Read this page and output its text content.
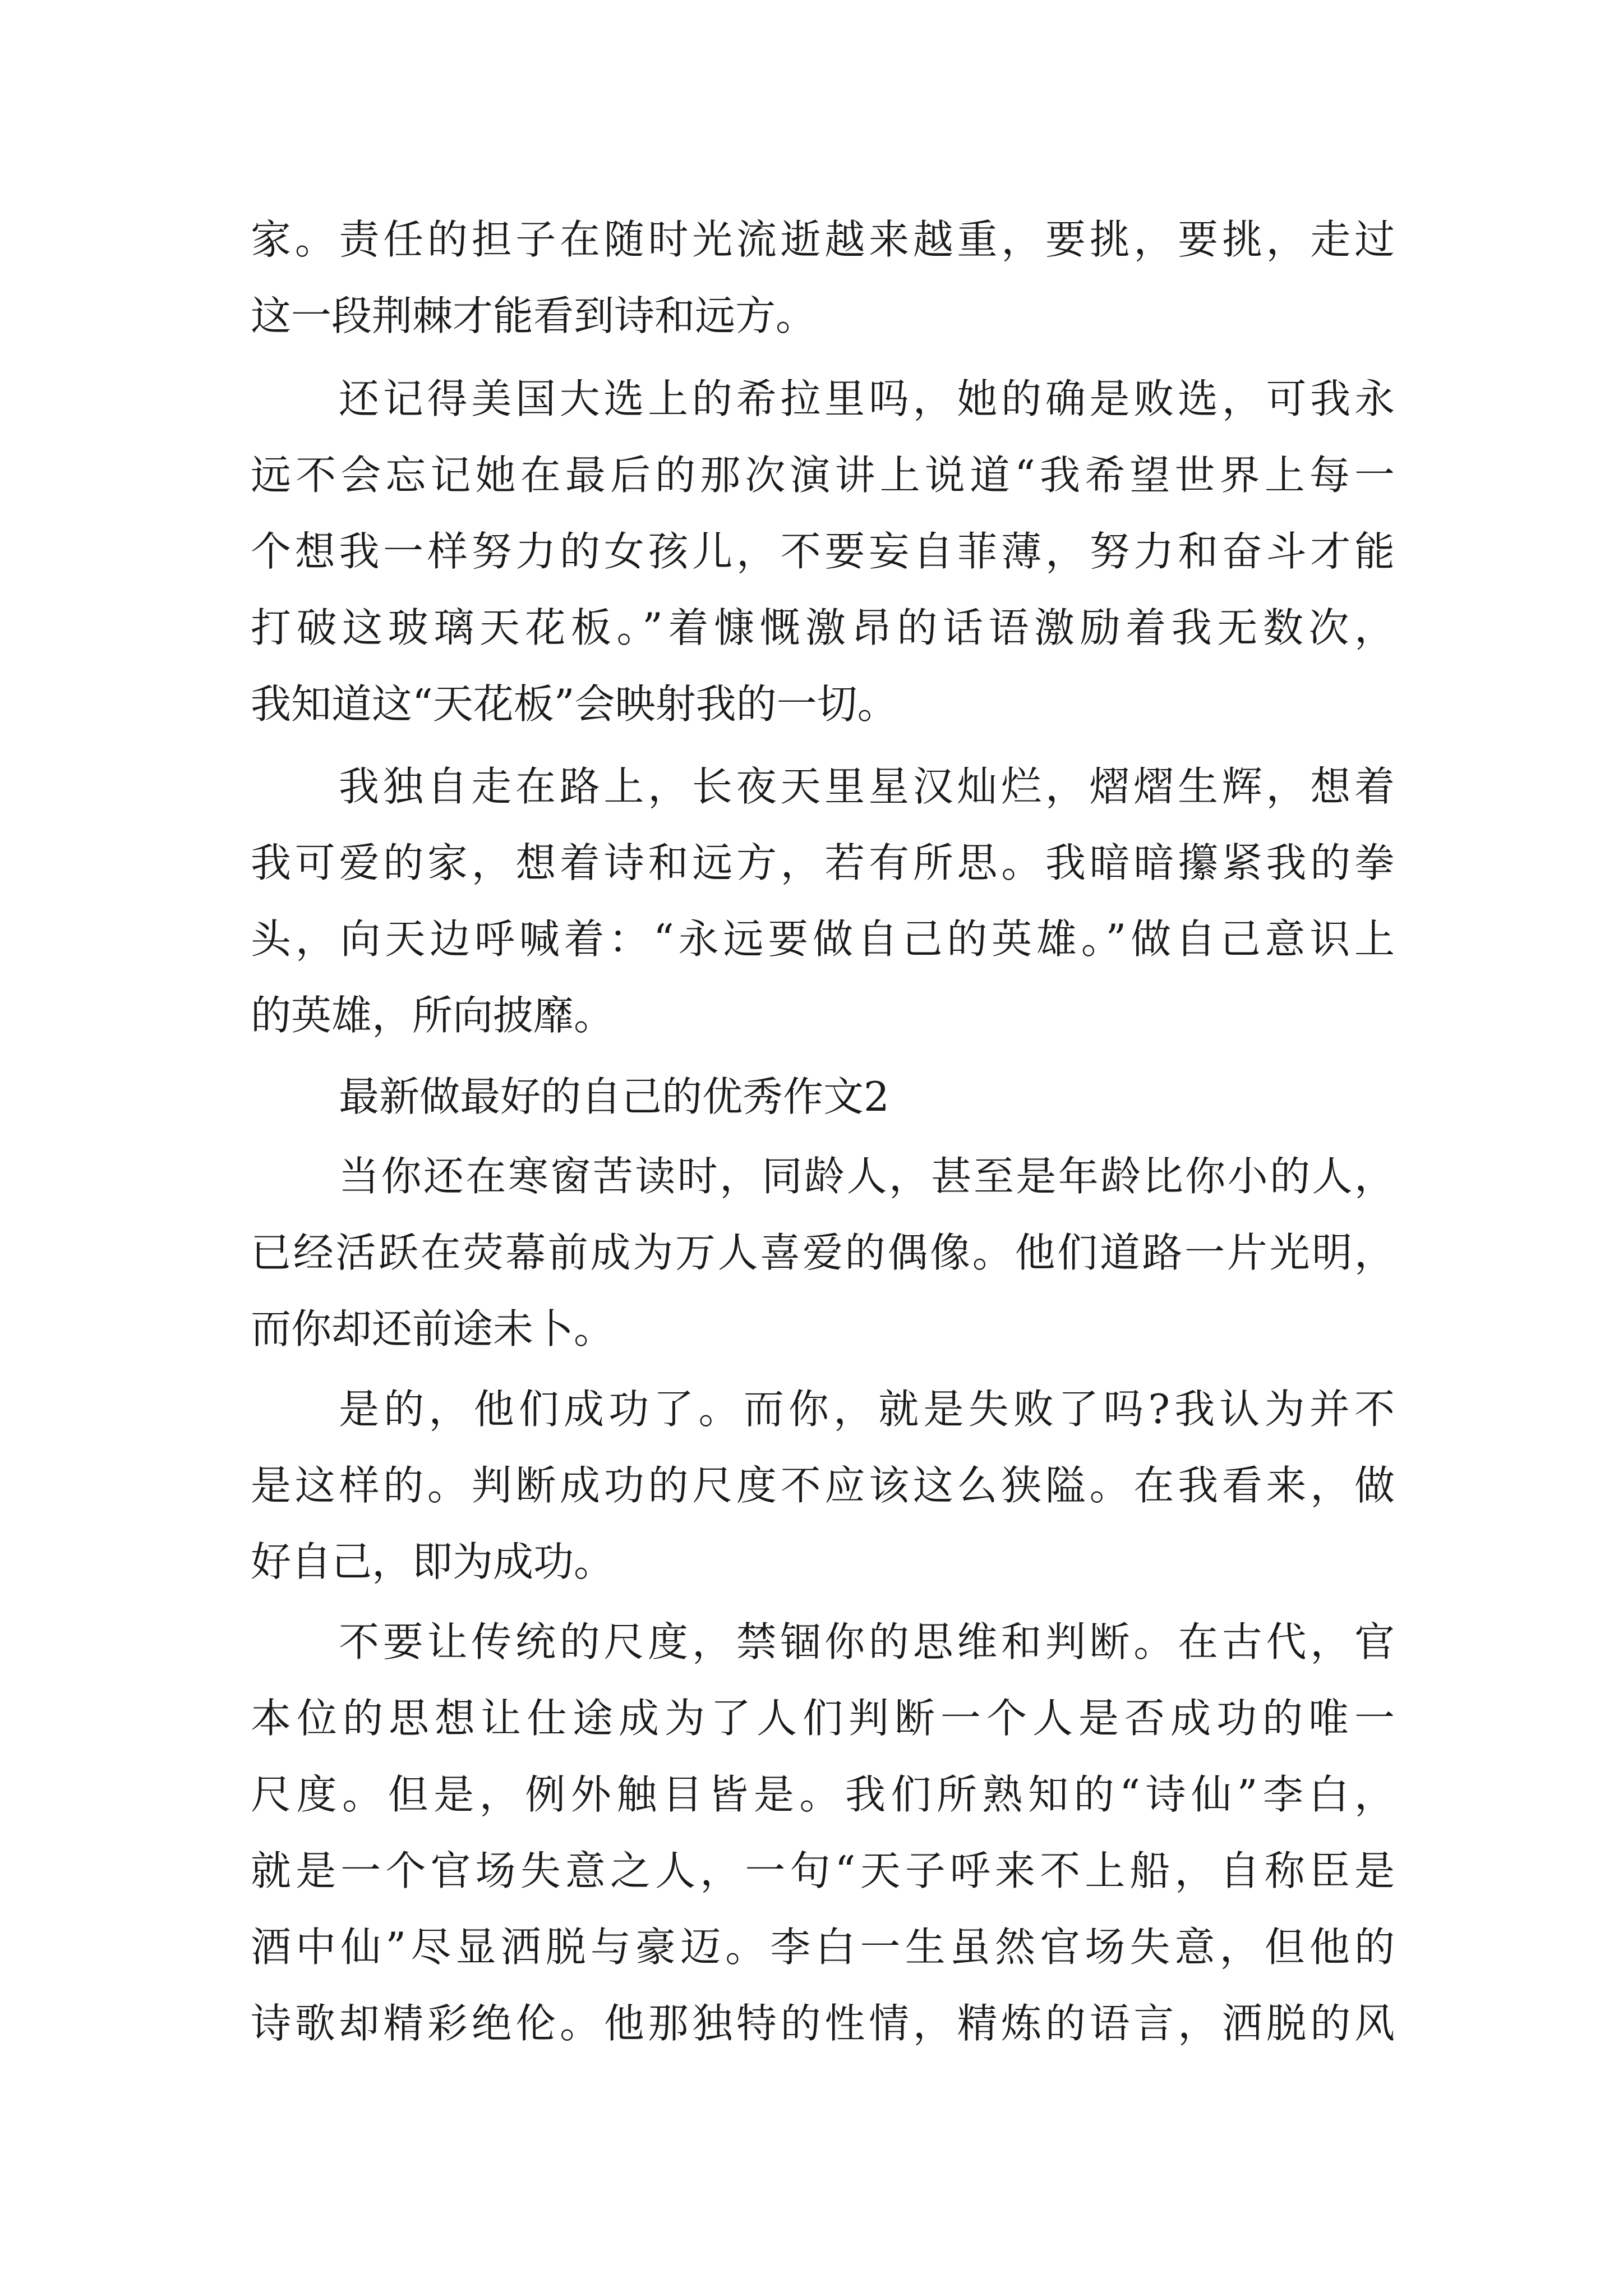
家。责任的担子在随时光流逝越来越重，要挑，要挑，走过
这一段荆棘才能看到诗和远方。
还记得美国大选上的希拉里吗，她的确是败选，可我永
远不会忘记她在最后的那次演讲上说道“我希望世界上每一
个想我一样努力的女孩儿，不要妄自菲薄，努力和奋斗才能
打破这玻璃天花板。”着慷慨激昂的话语激励着我无数次，
我知道这“天花板”会映射我的一切。
我独自走在路上，长夜天里星汉灿烂，熠熠生辉，想着
我可爱的家，想着诗和远方，若有所思。我暗暗攥紧我的拳
头，向天边呼喊着：“永远要做自己的英雄。”做自己意识上
的英雄，所向披靡。
最新做最好的自己的优秀作文2
当你还在寒窗苦读时，同龄人，甚至是年龄比你小的人，
已经活跃在荧幕前成为万人喜爱的偶像。他们道路一片光明，
而你却还前途未卜。
是的，他们成功了。而你，就是失败了吗?我认为并不
是这样的。判断成功的尺度不应该这么狭隘。在我看来，做
好自己，即为成功。
不要让传统的尺度，禁锢你的思维和判断。在古代，官
本位的思想让仕途成为了人们判断一个人是否成功的唯一
尺度。但是，例外触目皆是。我们所熟知的“诗仙”李白，
就是一个官场失意之人，一句“天子呼来不上船，自称臣是
酒中仙”尽显洒脱与豪迈。李白一生虽然官场失意，但他的
诗歌却精彩绝伦。他那独特的性情，精炼的语言，洒脱的风
